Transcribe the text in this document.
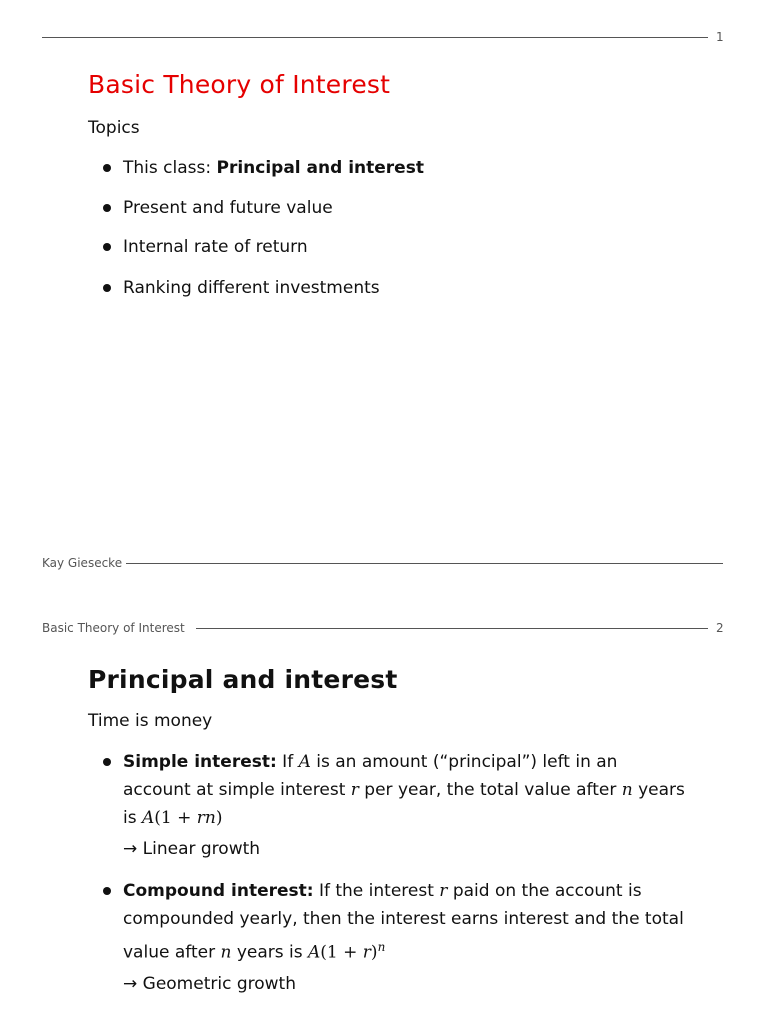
1
Basic Theory of Interest
Topics
This class: Principal and interest
Present and future value
Internal rate of return
Ranking different investments
Kay Giesecke
Basic Theory of Interest	2
Principal and interest
Time is money
Simple interest: If A is an amount (“principal”) left in an
account at simple interest r per year, the total value after n years
is A(1 + rn)
→ Linear growth
Compound interest: If the interest r paid on the account is
compounded yearly, then the interest earns interest and the total
value after n years is $A(1 + r)^n$
→ Geometric growth
